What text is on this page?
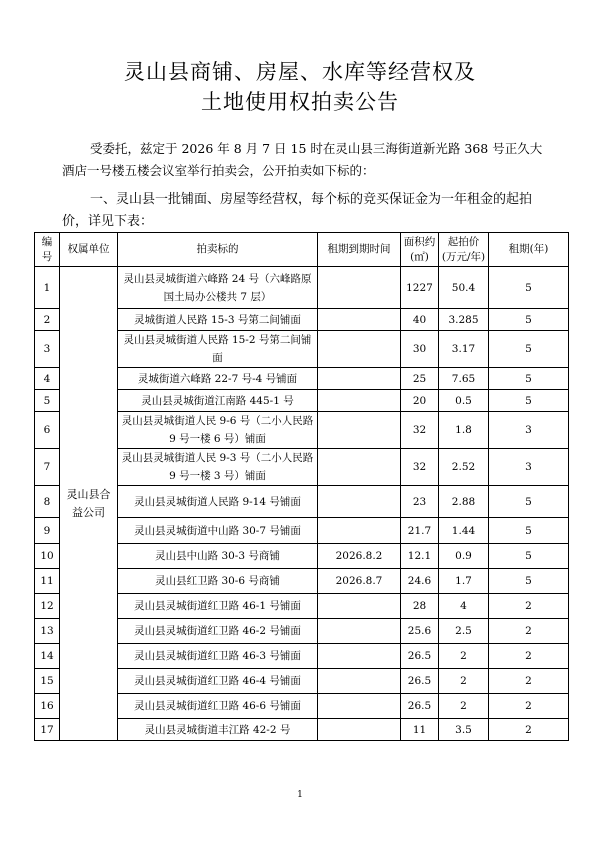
灵山县商铺、房屋、水库等经营权及
土地使用权拍卖公告

受委托，兹定于 2026 年 8 月 7 日 15 时在灵山县三海街道新光路 368 号正久大酒店一号楼五楼会议室举行拍卖会，公开拍卖如下标的：

一、灵山县一批铺面、房屋等经营权，每个标的竞买保证金为一年租金的起拍价，详见下表：

编号	权属单位	拍卖标的	租期到期时间	面积约(㎡)	起拍价(万元/年)	租期(年)
1	灵山县合益公司	灵山县灵城街道六峰路 24 号（六峰路原国土局办公楼共 7 层）		1227	50.4	5
2		灵城街道人民路 15-3 号第二间铺面		40	3.285	5
3		灵山县灵城街道人民路 15-2 号第二间铺面		30	3.17	5
4		灵城街道六峰路 22-7 号-4 号铺面		25	7.65	5
5		灵山县灵城街道江南路 445-1 号		20	0.5	5
6		灵山县灵城街道人民 9-6 号（二小人民路 9 号一楼 6 号）铺面		32	1.8	3
7		灵山县灵城街道人民 9-3 号（二小人民路 9 号一楼 3 号）铺面		32	2.52	3
8		灵山县灵城街道人民路 9-14 号铺面		23	2.88	5
9		灵山县灵城街道中山路 30-7 号铺面		21.7	1.44	5
10		灵山县中山路 30-3 号商铺	2026.8.2	12.1	0.9	5
11		灵山县红卫路 30-6 号商铺	2026.8.7	24.6	1.7	5
12		灵山县灵城街道红卫路 46-1 号铺面		28	4	2
13		灵山县灵城街道红卫路 46-2 号铺面		25.6	2.5	2
14		灵山县灵城街道红卫路 46-3 号铺面		26.5	2	2
15		灵山县灵城街道红卫路 46-4 号铺面		26.5	2	2
16		灵山县灵城街道红卫路 46-6 号铺面		26.5	2	2
17		灵山县灵城街道丰江路 42-2 号		11	3.5	2
1
